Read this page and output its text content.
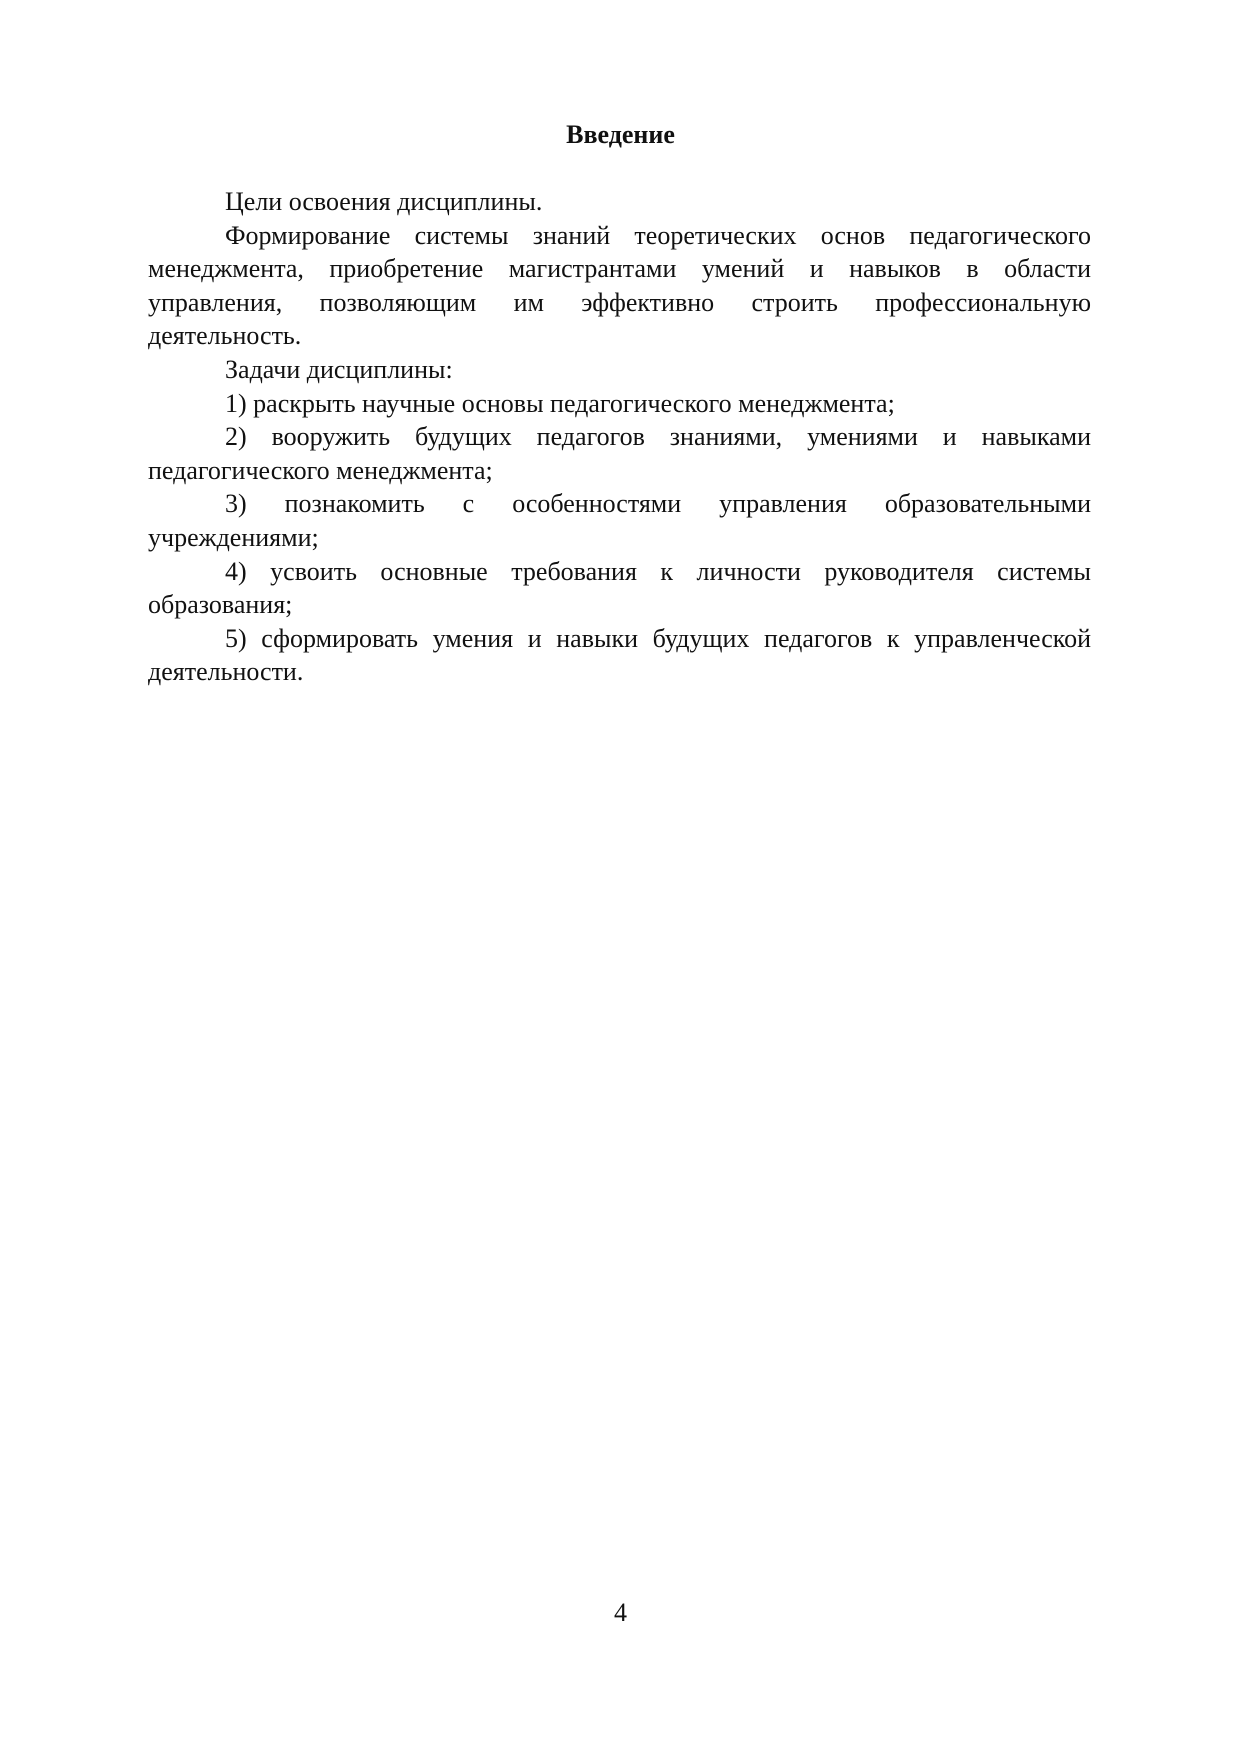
Введение

Цели освоения дисциплины.

Формирование системы знаний теоретических основ педагогического менеджмента, приобретение магистрантами умений и навыков в области управления, позволяющим им эффективно строить профессиональную деятельность.

Задачи дисциплины:

1) раскрыть научные основы педагогического менеджмента;

2) вооружить будущих педагогов знаниями, умениями и навыками педагогического менеджмента;

3) познакомить с особенностями управления образовательными учреждениями;

4) усвоить основные требования к личности руководителя системы образования;

5) сформировать умения и навыки будущих педагогов к управленческой деятельности.

4
